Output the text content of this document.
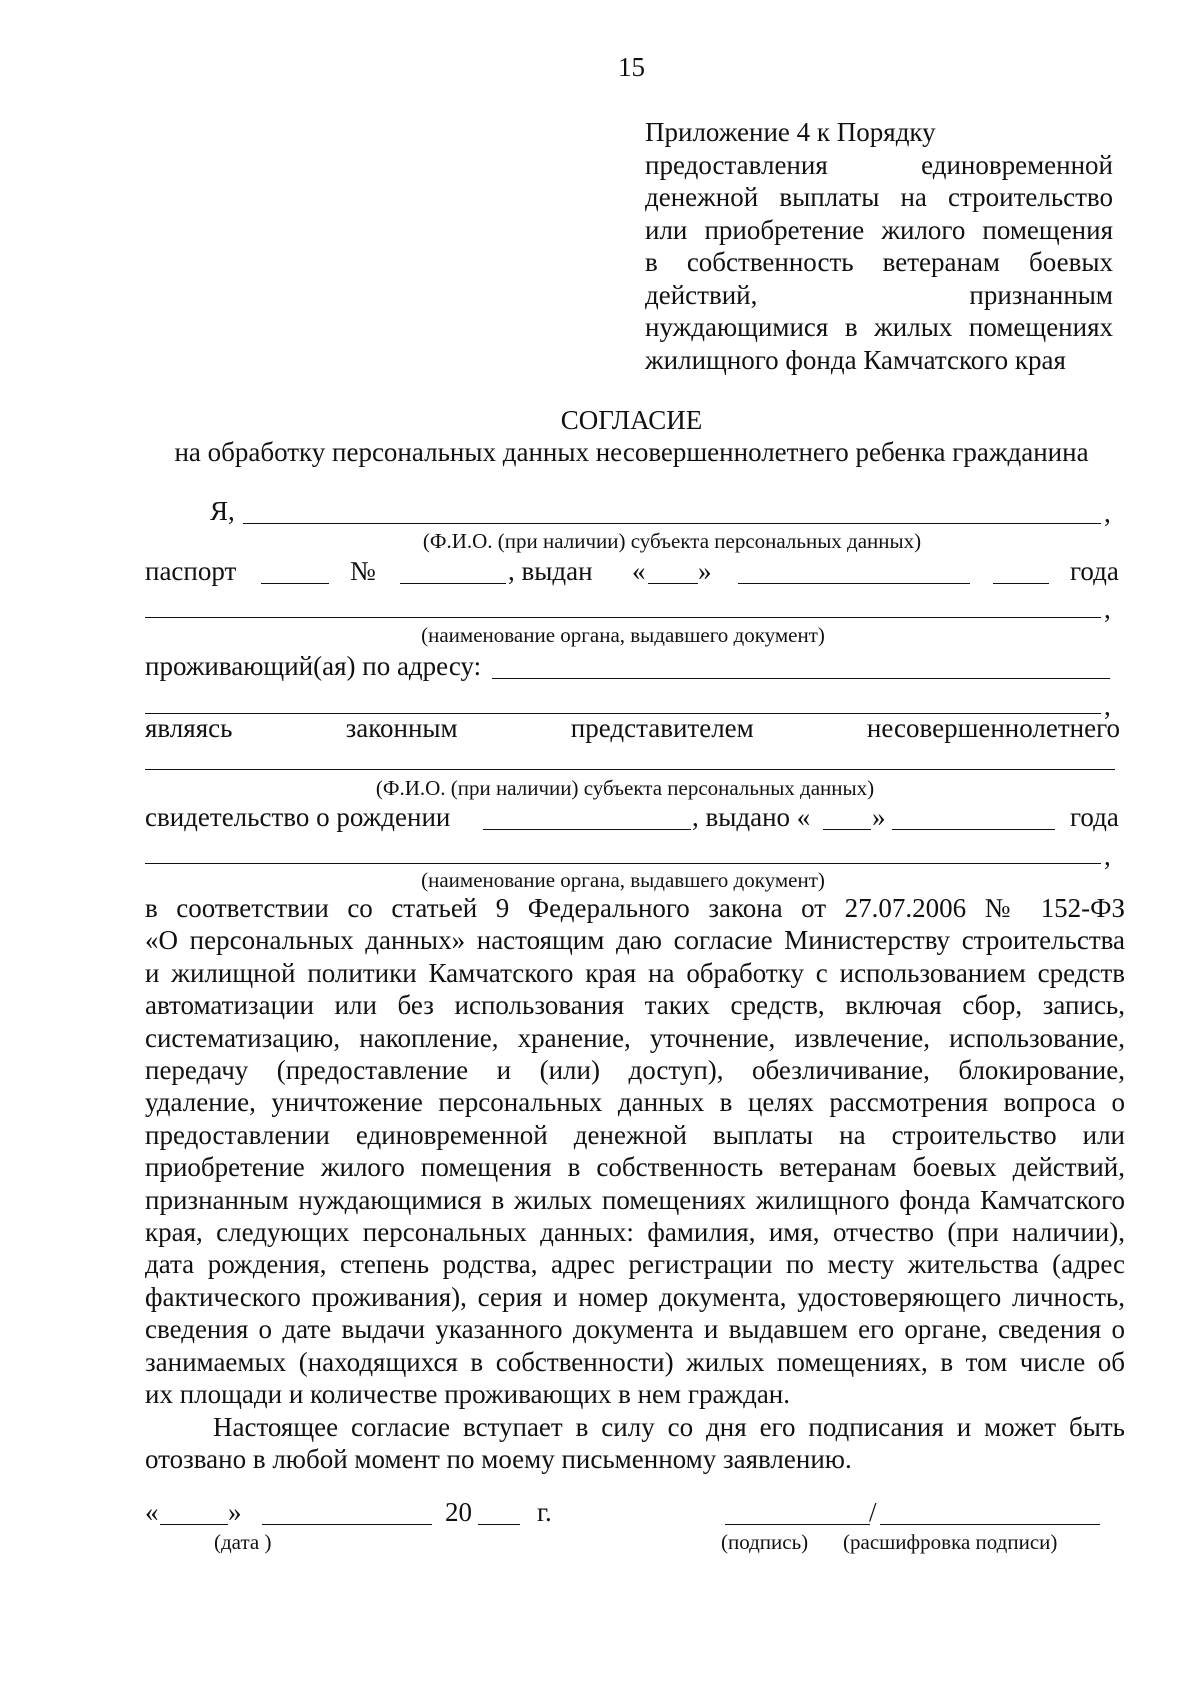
15
Приложение 4 к Порядку
предоставления единовременной
денежной выплаты на строительство
или приобретение жилого помещения
в собственность ветеранам боевых
действий, признанным
нуждающимися в жилых помещениях
жилищного фонда Камчатского края
СОГЛАСИЕ
на обработку персональных данных несовершеннолетнего ребенка гражданина
Я,	,
(Ф.И.О. (при наличии) субъекта персональных данных)
паспорт	№	, выдан « »	года
,
(наименование органа, выдавшего документ)
проживающий(ая) по адресу:
,
являясь	законным	представителем	несовершеннолетнего
(Ф.И.О. (при наличии) субъекта персональных данных)
свидетельство о рождении	, выдано « »	года
,
(наименование органа, выдавшего документ)
в соответствии со статьей 9 Федерального закона от 27.07.2006 № 152-ФЗ
«О персональных данных» настоящим даю согласие Министерству строительства
и жилищной политики Камчатского края на обработку с использованием средств
автоматизации или без использования таких средств, включая сбор, запись,
систематизацию, накопление, хранение, уточнение, извлечение, использование,
передачу (предоставление и (или) доступ), обезличивание, блокирование,
удаление, уничтожение персональных данных в целях рассмотрения вопроса о
предоставлении единовременной денежной выплаты на строительство или
приобретение жилого помещения в собственность ветеранам боевых действий,
признанным нуждающимися в жилых помещениях жилищного фонда Камчатского
края, следующих персональных данных: фамилия, имя, отчество (при наличии),
дата рождения, степень родства, адрес регистрации по месту жительства (адрес
фактического проживания), серия и номер документа, удостоверяющего личность,
сведения о дате выдачи указанного документа и выдавшем его органе, сведения о
занимаемых (находящихся в собственности) жилых помещениях, в том числе об
их площади и количестве проживающих в нем граждан.
Настоящее согласие вступает в силу со дня его подписания и может быть
отозвано в любой момент по моему письменному заявлению.
«	»	20 г.	/
(дата )	(подпись) (расшифровка подписи)
